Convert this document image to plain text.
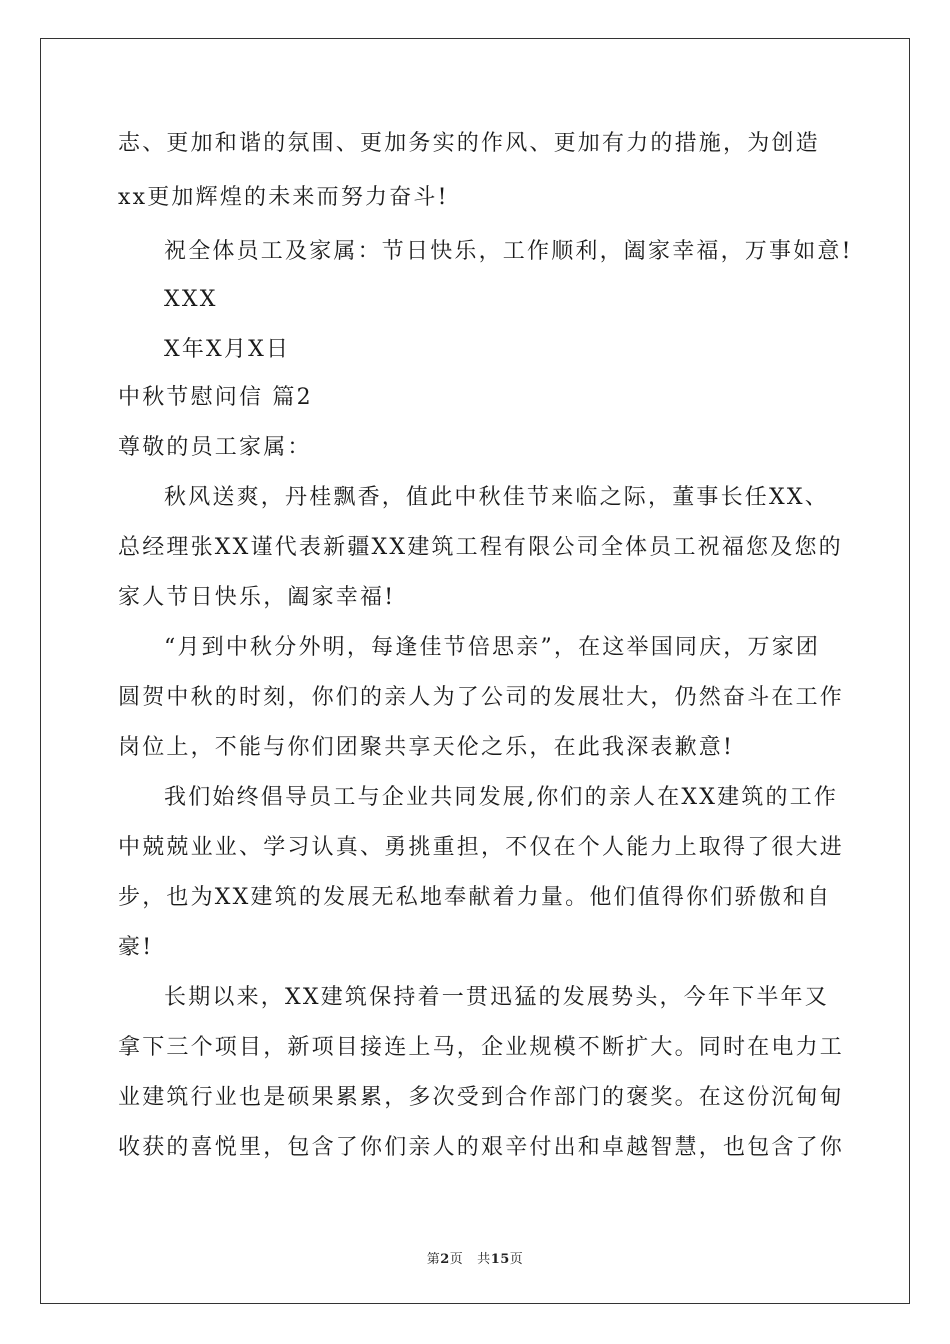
志、更加和谐的氛围、更加务实的作风、更加有力的措施，为创造
xx更加辉煌的未来而努力奋斗!
祝全体员工及家属：节日快乐，工作顺利，阖家幸福，万事如意!
XXX
X年X月X日
中秋节慰问信 篇2
尊敬的员工家属：
秋风送爽，丹桂飘香，值此中秋佳节来临之际，董事长任XX、
总经理张XX谨代表新疆XX建筑工程有限公司全体员工祝福您及您的
家人节日快乐，阖家幸福!
“月到中秋分外明，每逢佳节倍思亲”，在这举国同庆，万家团
圆贺中秋的时刻，你们的亲人为了公司的发展壮大，仍然奋斗在工作
岗位上，不能与你们团聚共享天伦之乐，在此我深表歉意!
我们始终倡导员工与企业共同发展,你们的亲人在XX建筑的工作
中兢兢业业、学习认真、勇挑重担，不仅在个人能力上取得了很大进
步，也为XX建筑的发展无私地奉献着力量。他们值得你们骄傲和自
豪!
长期以来，XX建筑保持着一贯迅猛的发展势头，今年下半年又
拿下三个项目，新项目接连上马，企业规模不断扩大。同时在电力工
业建筑行业也是硕果累累，多次受到合作部门的褒奖。在这份沉甸甸
收获的喜悦里，包含了你们亲人的艰辛付出和卓越智慧，也包含了你
第2页 共15页
